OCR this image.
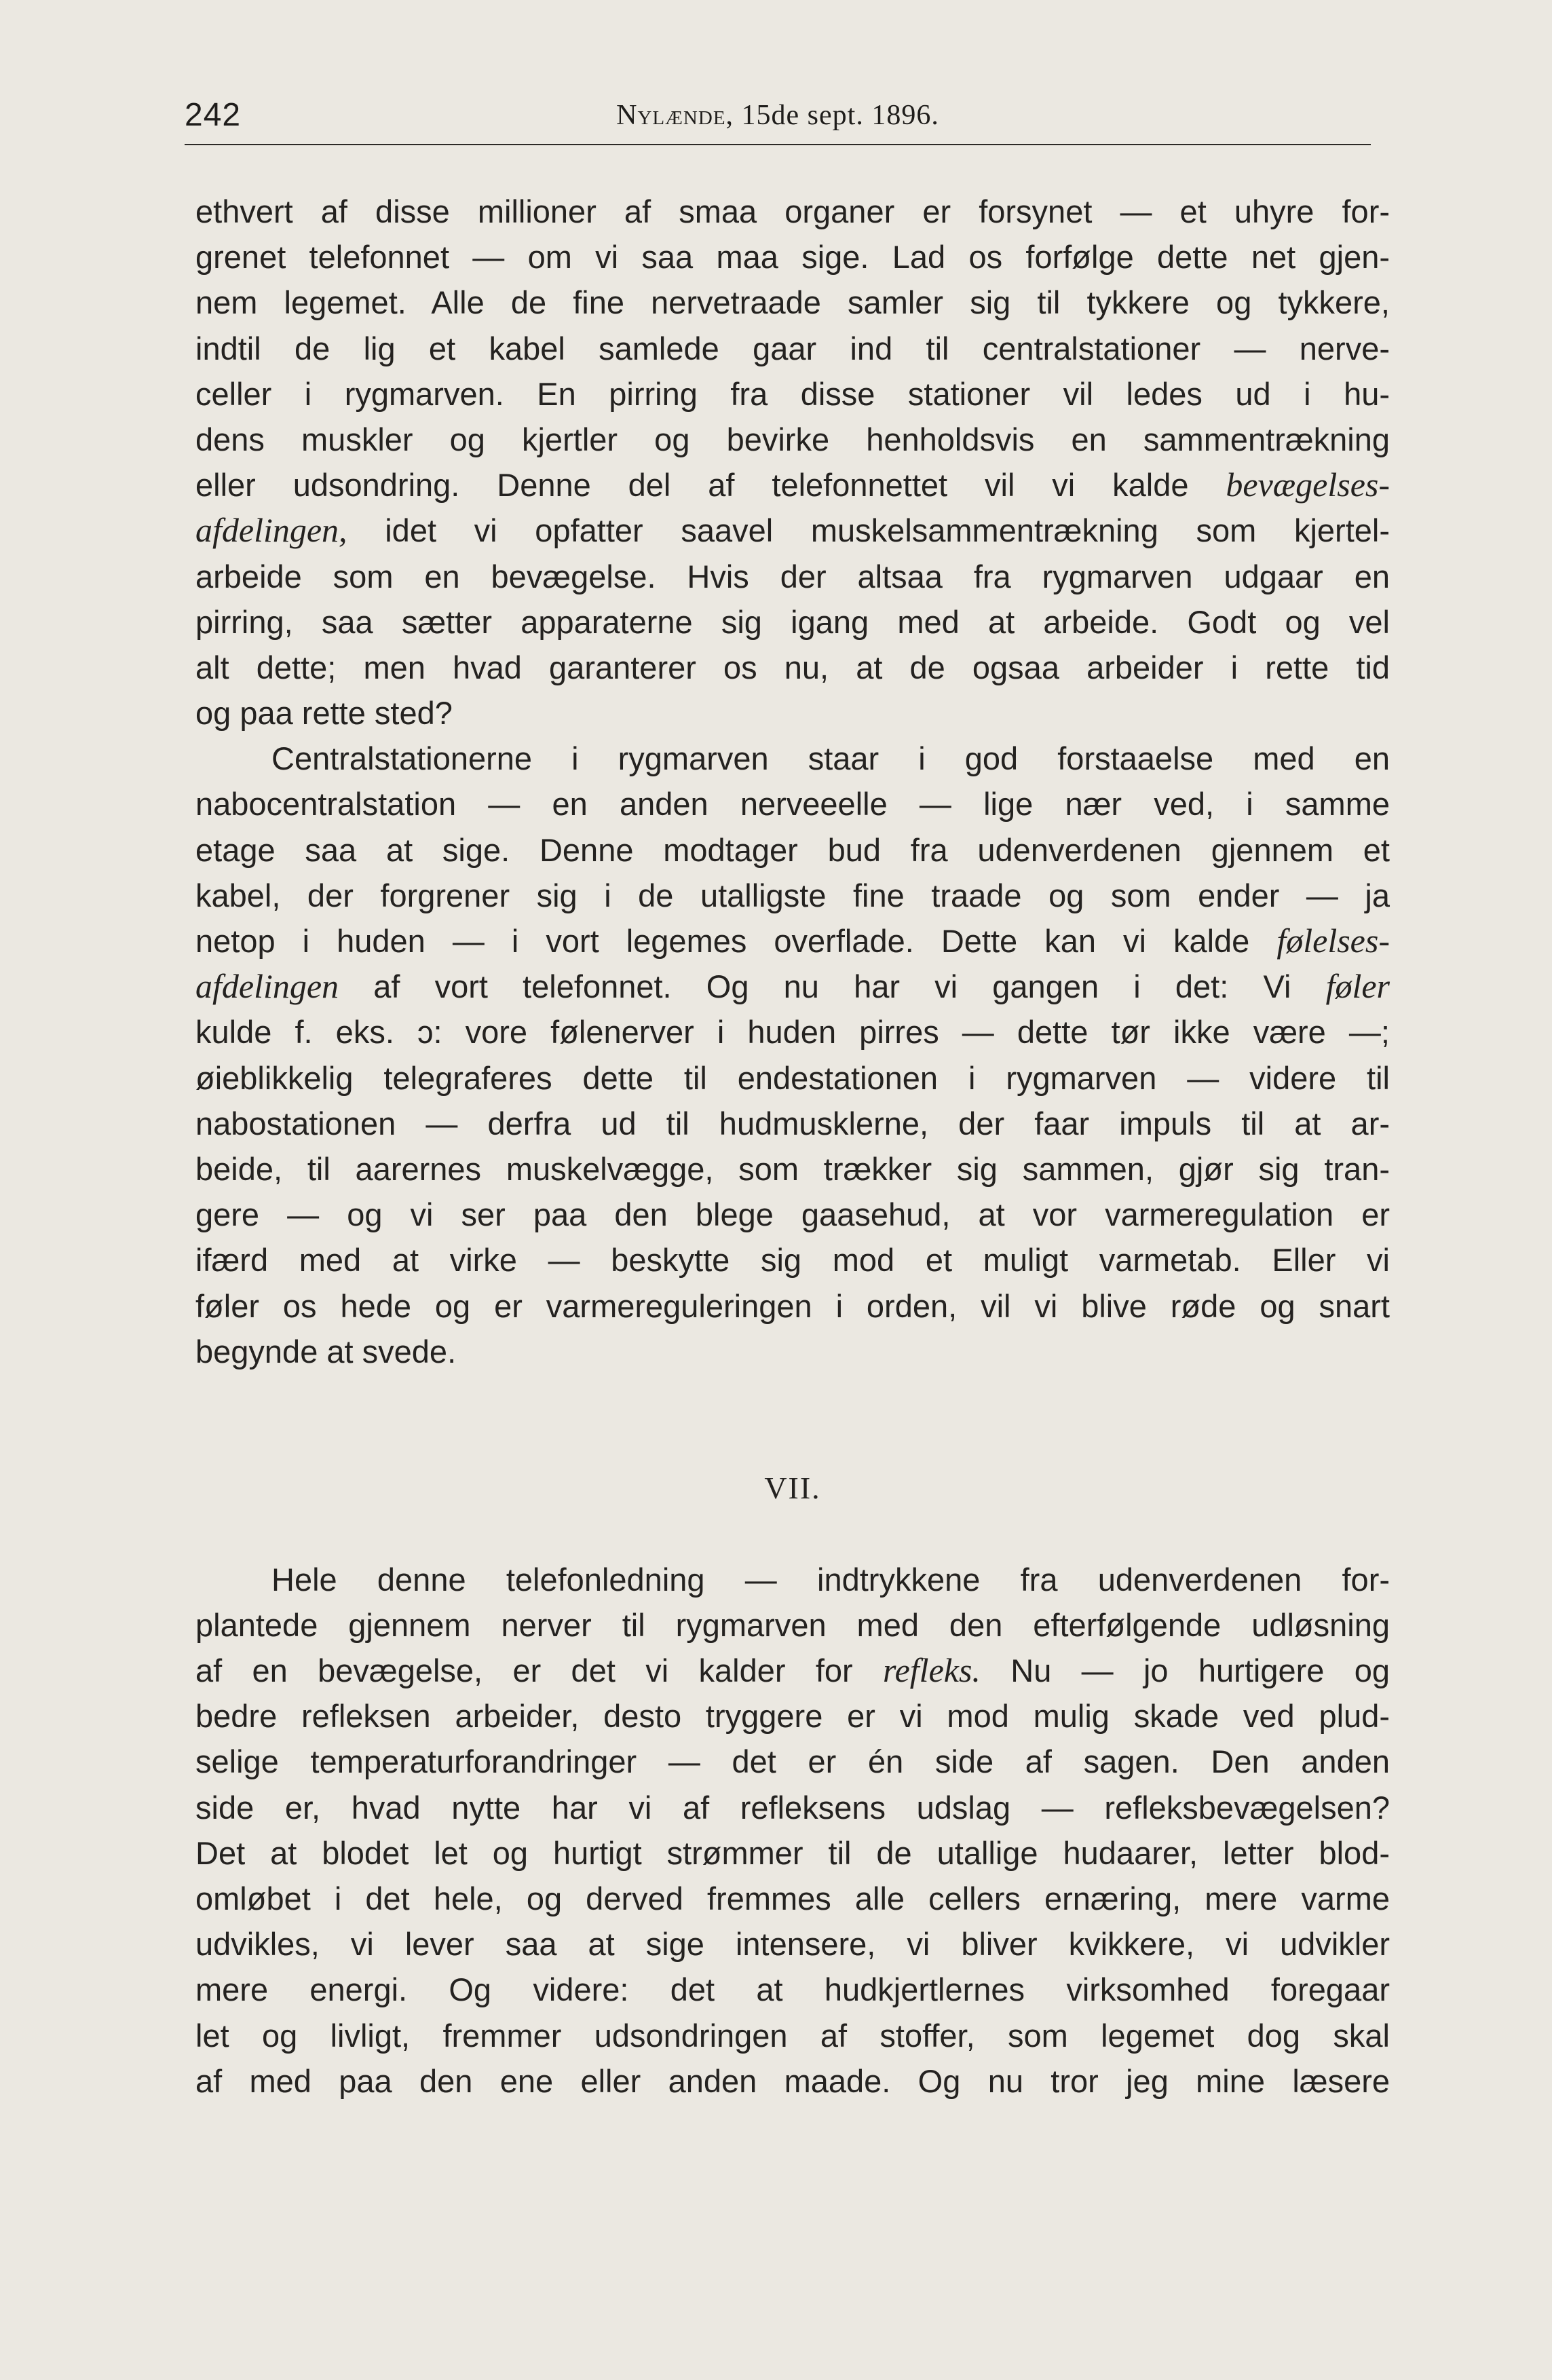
242	Nylænde, 15de sept. 1896.
ethvert af disse millioner af smaa organer er forsynet — et uhyre for-
grenet telefonnet — om vi saa maa sige. Lad os forfølge dette net gjen-
nem legemet. Alle de fine nervetraade samler sig til tykkere og tykkere,
indtil de lig et kabel samlede gaar ind til centralstationer — nerve-
celler i rygmarven. En pirring fra disse stationer vil ledes ud i hu-
dens muskler og kjertler og bevirke henholdsvis en sammentrækning
eller udsondring. Denne del af telefonnettet vil vi kalde bevægelses-
afdelingen, idet vi opfatter saavel muskelsammentrækning som kjertel-
arbeide som en bevægelse. Hvis der altsaa fra rygmarven udgaar en
pirring, saa sætter apparaterne sig igang med at arbeide. Godt og vel
alt dette; men hvad garanterer os nu, at de ogsaa arbeider i rette tid
og paa rette sted?
Centralstationerne i rygmarven staar i god forstaaelse med en
nabocentralstation — en anden nerveeelle — lige nær ved, i samme
etage saa at sige. Denne modtager bud fra udenverdenen gjennem et
kabel, der forgrener sig i de utalligste fine traade og som ender — ja
netop i huden — i vort legemes overflade. Dette kan vi kalde følelses-
afdelingen af vort telefonnet. Og nu har vi gangen i det: Vi føler
kulde f. eks. ɔ: vore følenerver i huden pirres — dette tør ikke være —;
øieblikkelig telegraferes dette til endestationen i rygmarven — videre til
nabostationen — derfra ud til hudmusklerne, der faar impuls til at ar-
beide, til aarernes muskelvægge, som trækker sig sammen, gjør sig tran-
gere — og vi ser paa den blege gaasehud, at vor varmeregulation er
ifærd med at virke — beskytte sig mod et muligt varmetab. Eller vi
føler os hede og er varmereguleringen i orden, vil vi blive røde og snart
begynde at svede.
VII.
Hele denne telefonledning — indtrykkene fra udenverdenen for-
plantede gjennem nerver til rygmarven med den efterfølgende udløsning
af en bevægelse, er det vi kalder for refleks. Nu — jo hurtigere og
bedre refleksen arbeider, desto tryggere er vi mod mulig skade ved plud-
selige temperaturforandringer — det er én side af sagen. Den anden
side er, hvad nytte har vi af refleksens udslag — refleksbevægelsen?
Det at blodet let og hurtigt strømmer til de utallige hudaarer, letter blod-
omløbet i det hele, og derved fremmes alle cellers ernæring, mere varme
udvikles, vi lever saa at sige intensere, vi bliver kvikkere, vi udvikler
mere energi. Og videre: det at hudkjertlernes virksomhed foregaar
let og livligt, fremmer udsondringen af stoffer, som legemet dog skal
af med paa den ene eller anden maade. Og nu tror jeg mine læsere
